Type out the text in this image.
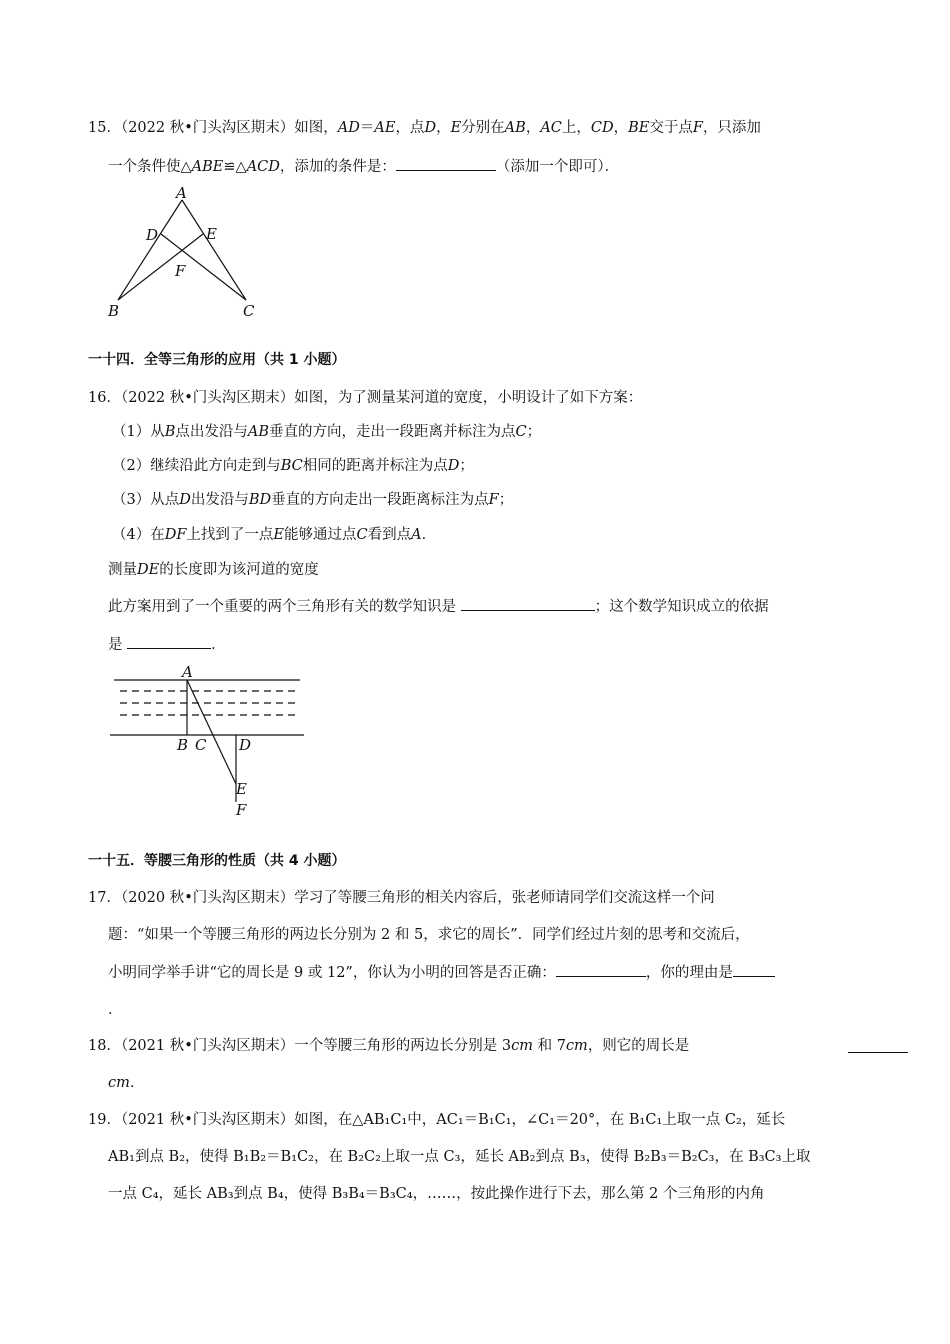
15．（2022 秋•门头沟区期末）如图，AD＝AE，点D，E分别在AB，AC上，CD，BE交于点F，只添加
一个条件使△ABE≌△ACD，添加的条件是：	（添加一个即可）．
A
B	C
D	E
F
一十四．全等三角形的应用（共 1 小题）
16．（2022 秋•门头沟区期末）如图，为了测量某河道的宽度，小明设计了如下方案：
（1）从B点出发沿与AB垂直的方向，走出一段距离并标注为点C；
（2）继续沿此方向走到与BC相同的距离并标注为点D；
（3）从点D出发沿与BD垂直的方向走出一段距离标注为点F；
（4）在DF上找到了一点E能够通过点C看到点A．
测量DE的长度即为该河道的宽度
此方案用到了一个重要的两个三角形有关的数学知识是	；这个数学知识成立的依据
是	．
A
B C D
E
F
一十五．等腰三角形的性质（共 4 小题）
17．（2020 秋•门头沟区期末）学习了等腰三角形的相关内容后，张老师请同学们交流这样一个问
题：“如果一个等腰三角形的两边长分别为 2 和 5，求它的周长”．同学们经过片刻的思考和交流后，
小明同学举手讲“它的周长是 9 或 12”，你认为小明的回答是否正确：	，你的理由是
．
18．（2021 秋•门头沟区期末）一个等腰三角形的两边长分别是 3cm 和 7cm，则它的周长是
cm．
19．（2021 秋•门头沟区期末）如图，在△AB₁C₁中，AC₁＝B₁C₁，∠C₁＝20°，在 B₁C₁上取一点 C₂，延长
AB₁到点 B₂，使得 B₁B₂＝B₁C₂，在 B₂C₂上取一点 C₃，延长 AB₂到点 B₃，使得 B₂B₃＝B₂C₃，在 B₃C₃上取
一点 C₄，延长 AB₃到点 B₄，使得 B₃B₄＝B₃C₄，……，按此操作进行下去，那么第 2 个三角形的内角
